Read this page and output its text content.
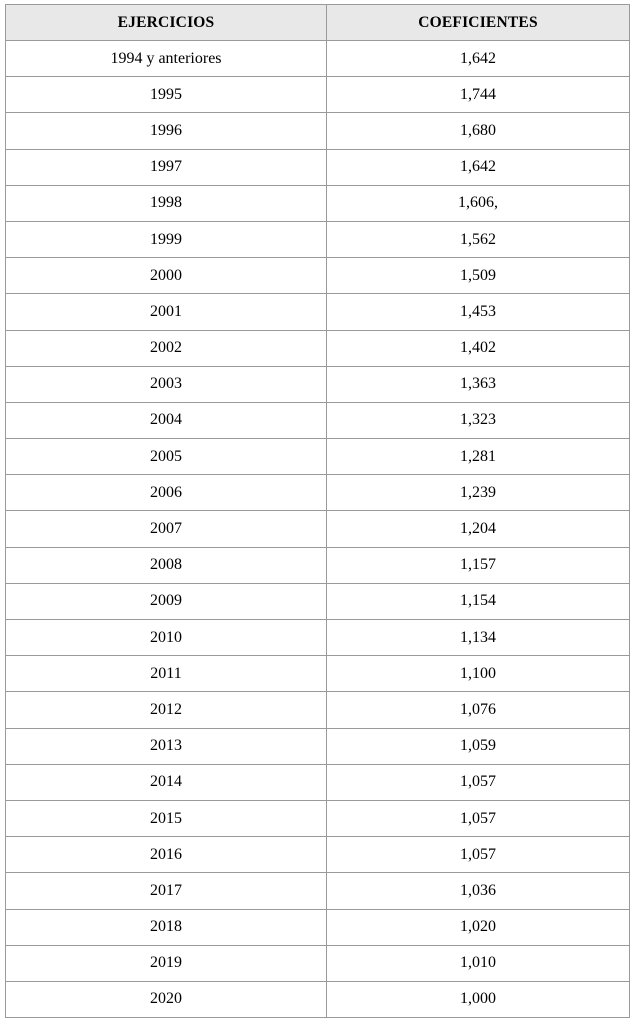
EJERCICIOS	COEFICIENTES
1994 y anteriores	1,642
1995	1,744
1996	1,680
1997	1,642
1998	1,606,
1999	1,562
2000	1,509
2001	1,453
2002	1,402
2003	1,363
2004	1,323
2005	1,281
2006	1,239
2007	1,204
2008	1,157
2009	1,154
2010	1,134
2011	1,100
2012	1,076
2013	1,059
2014	1,057
2015	1,057
2016	1,057
2017	1,036
2018	1,020
2019	1,010
2020	1,000
